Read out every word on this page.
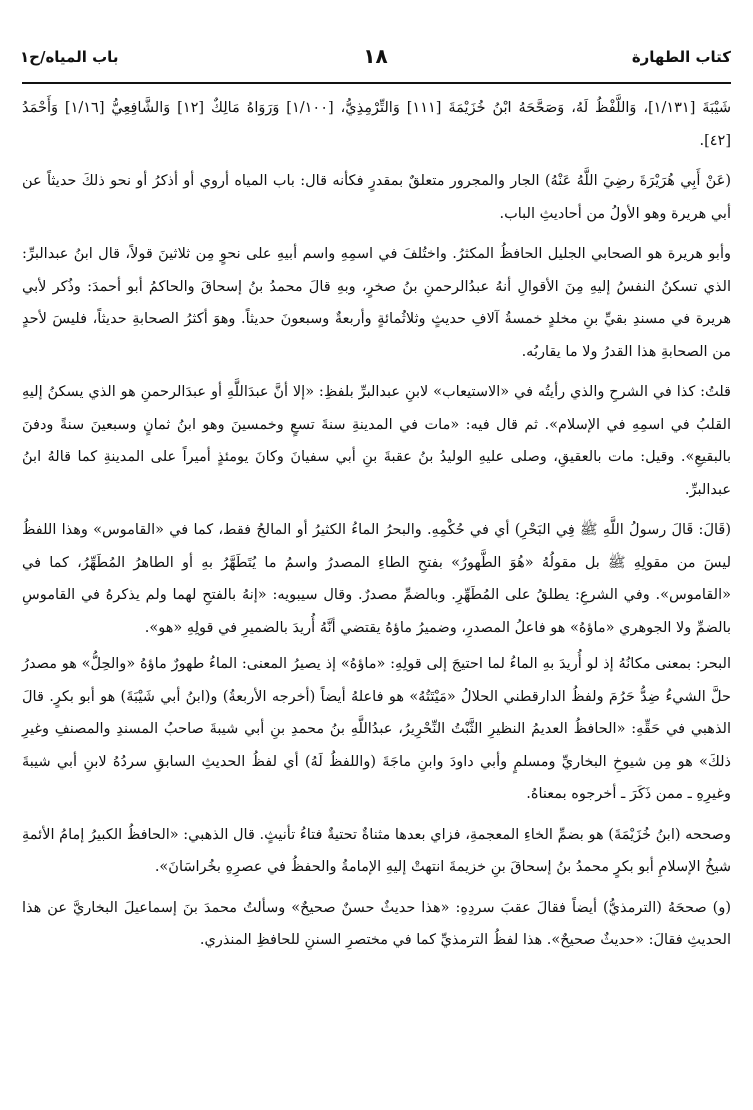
كتاب الطهارة
١٨
باب المياه/ح١

شَيْبَةَ [١/١٣١]، وَاللَّفْظُ لَهُ، وَصَحَّحَهُ ابْنُ خُزَيْمَةَ [١١١] وَالتِّرْمِذِيُّ، [١/١٠٠] وَرَوَاهُ مَالِكٌ [١٢] وَالشَّافِعِيُّ [١/١٦] وَأَحْمَدُ [٤٢].

(عَنْ أَبِي هُرَيْرَةَ رضِيَ اللَّهُ عَنْهُ) الجار والمجرور متعلقٌ بمقدرٍ فكأنه قال: باب المياه أروي أو أذكرُ أو نحو ذلكَ حديثاً عن أبي هريرة وهو الأولُ من أحاديثِ الباب.

وأبو هريرة هو الصحابي الجليل الحافظُ المكثرُ. واختُلفَ في اسمِهِ واسم أبيهِ على نحوٍ مِن ثلاثينَ قولاً، قال ابنُ عبدالبرِّ: الذي تسكنُ النفسُ إليهِ مِنَ الأقوالِ أنهُ عبدُالرحمنِ بنُ صخرٍ، وبهِ قالَ محمدُ بنُ إسحاقَ والحاكمُ أبو أحمدَ: وذُكر لأبي هريرة في مسندِ بقيِّ بنِ مخلدٍ خمسةُ آلافِ حديثٍ وثلاثُمائةٍ وأربعةٌ وسبعونَ حديثاً. وهوَ أكثرُ الصحابةِ حديثاً، فليسَ لأحدٍ من الصحابةِ هذا القدرُ ولا ما يقاربُه.

قلتُ: كذا في الشرحِ والذي رأيتُه في «الاستيعاب» لابنِ عبدالبرِّ بلفظِ: «إلا أنَّ عبدَاللَّهِ أو عبدَالرحمنِ هو الذي يسكنُ إليهِ القلبُ في اسمِهِ في الإسلام». ثم قال فيه: «مات في المدينةِ سنةَ تسعٍ وخمسينَ وهو ابنُ ثمانٍ وسبعينَ سنةً ودفنَ بالبقيعِ». وقيل: مات بالعقيقِ، وصلى عليهِ الوليدُ بنُ عقبةَ بنِ أبي سفيانَ وكانَ يومئذٍ أميراً على المدينةِ كما قالهُ ابنُ عبدالبرِّ.

(قَالَ: قَالَ رسولُ اللَّهِ ﷺ فِي البَحْرِ) أي في حُكْمِهِ. والبحرُ الماءُ الكثيرُ أو المالحُ فقط، كما في «القاموس» وهذا اللفظُ ليسَ من مقولِهِ ﷺ بل مقولُهُ «هُوَ الطَّهورُ» بفتحِ الطاءِ المصدرُ واسمُ ما يُتَطَهَّرُ بهِ أو الطاهرُ المُطَهِّرُ، كما في «القاموس». وفي الشرعِ: يطلقُ على المُطَهِّرِ. وبالضمِّ مصدرٌ. وقال سيبويه: «إنهُ بالفتحِ لهما ولم يذكرهُ في القاموسِ بالضمِّ ولا الجوهري «ماؤهُ» هو فاعلُ المصدرِ، وضميرُ ماؤهُ يقتضي أنَّهُ أُريدَ بالضميرِ في قولِهِ «هو».

البحر: بمعنى مكانُهُ إذ لو أُريدَ بهِ الماءُ لما احتيجَ إلى قولِهِ: «ماؤهُ» إذ يصيرُ المعنى: الماءُ طهورٌ ماؤهُ «والحِلُّ» هو مصدرُ حلَّ الشيءُ ضِدُّ حَرُمَ ولفظُ الدارقطني الحلالُ «مَيْتَتُهُ» هو فاعلهُ أيضاً (أخرجه الأربعةُ) و(ابنُ أبي شَيْبَةَ) هو أبو بكرٍ. قالَ الذهبي في حَقِّهِ: «الحافظُ العديمُ النظيرِ الثَّبْتُ النِّحْرِيرُ، عبدُاللَّهِ بنُ محمدِ بنِ أبي شيبةَ صاحبُ المسندِ والمصنفِ وغيرِ ذلكَ» هو مِن شيوخِ البخاريِّ ومسلمٍ وأبي داودَ وابنِ ماجَةَ (واللفظُ لَهُ) أي لفظُ الحديثِ السابقِ سردُهُ لابنِ أبي شيبةَ وغيرِهِ ـ ممن ذَكَرَ ـ أخرجوه بمعناهُ.

وصححه (ابنُ خُزَيْمَةَ) هو بضمِّ الخاءِ المعجمةِ، فزاي بعدها مثناةٌ تحتيةٌ فتاءُ تأنيثٍ. قال الذهبي: «الحافظُ الكبيرُ إمامُ الأئمةِ شيخُ الإسلامِ أبو بكرٍ محمدُ بنُ إسحاقَ بنِ خزيمةَ انتهتْ إليهِ الإمامةُ والحفظُ في عصرِهِ بخُراسَانَ».

(و) صححَهُ (الترمذيُّ) أيضاً فقالَ عقبَ سردِهِ: «هذا حديثٌ حسنٌ صحيحٌ» وسألتُ محمدَ بنَ إسماعيلَ البخاريَّ عن هذا الحديثِ فقالَ: «حديثٌ صحيحٌ». هذا لفظُ الترمذيِّ كما في مختصرِ السننِ للحافظِ المنذري.
